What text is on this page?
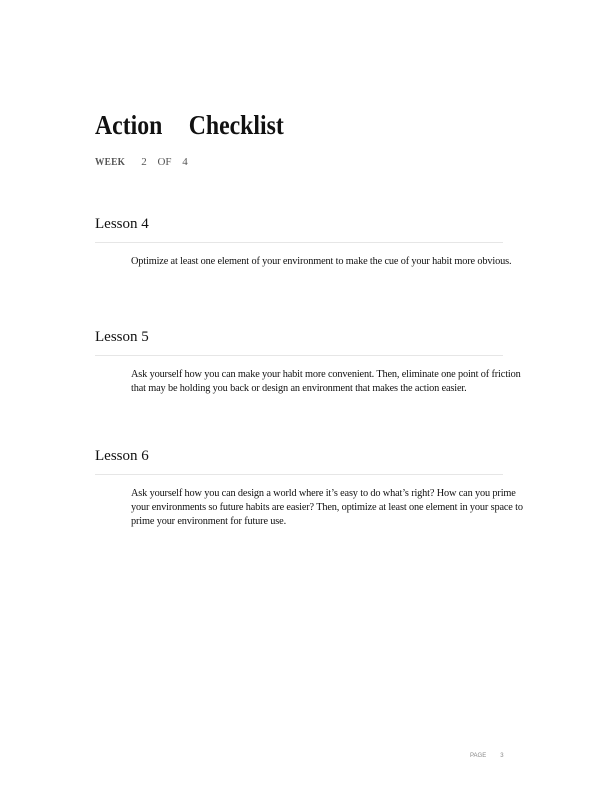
Action Checklist
WEEK 2 OF 4
Lesson 4

Optimize at least one element of your environment to make the cue of your habit more obvious.

Lesson 5

Ask yourself how you can make your habit more convenient. Then, eliminate one point of friction that may be holding you back or design an environment that makes the action easier.

Lesson 6

Ask yourself how you can design a world where it’s easy to do what’s right? How can you prime your environments so future habits are easier? Then, optimize at least one element in your space to prime your environment for future use.

PAGE 3
